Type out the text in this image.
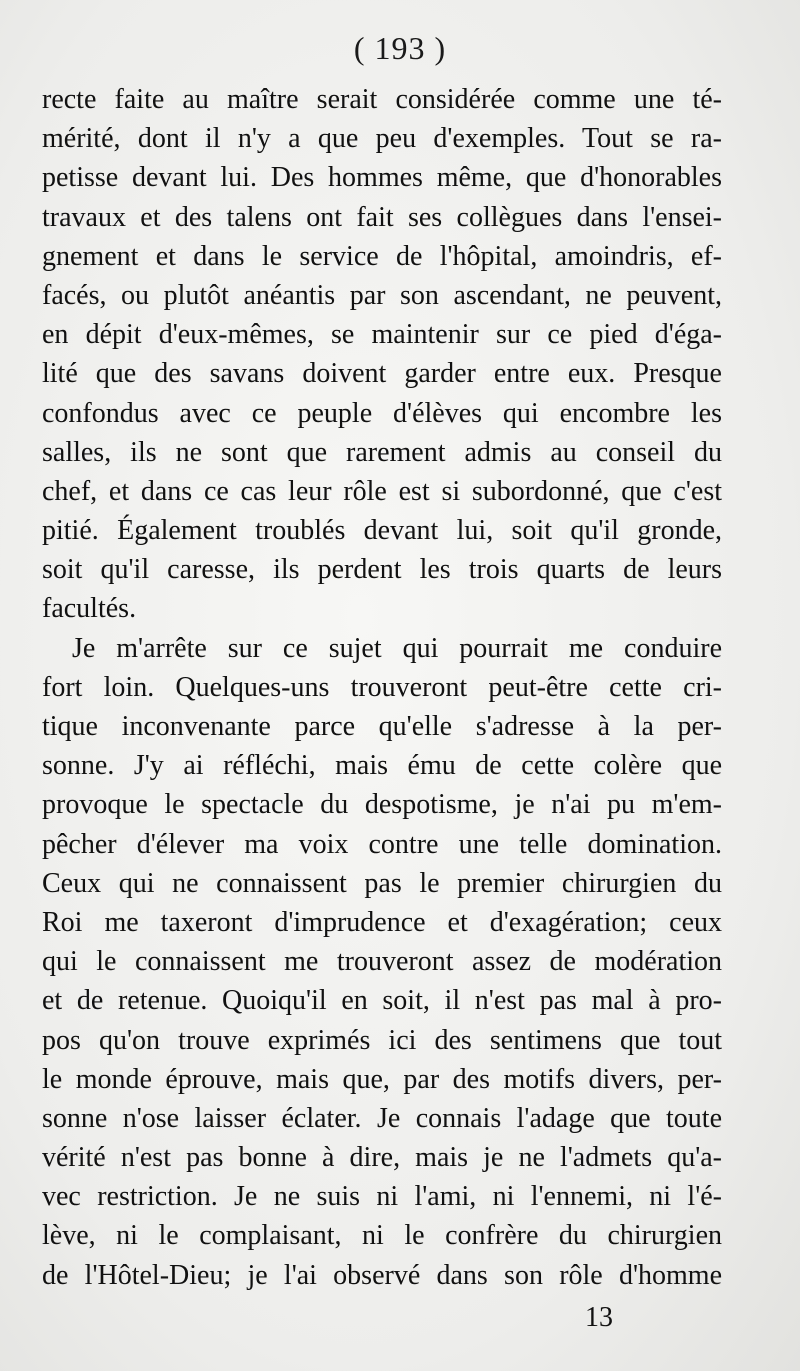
( 193 )
recte faite au maître serait considérée comme une té-
mérité, dont il n'y a que peu d'exemples. Tout se ra-
petisse devant lui. Des hommes même, que d'honorables
travaux et des talens ont fait ses collègues dans l'ensei-
gnement et dans le service de l'hôpital, amoindris, ef-
facés, ou plutôt anéantis par son ascendant, ne peuvent,
en dépit d'eux-mêmes, se maintenir sur ce pied d'éga-
lité que des savans doivent garder entre eux. Presque
confondus avec ce peuple d'élèves qui encombre les
salles, ils ne sont que rarement admis au conseil du
chef, et dans ce cas leur rôle est si subordonné, que c'est
pitié. Également troublés devant lui, soit qu'il gronde,
soit qu'il caresse, ils perdent les trois quarts de leurs
facultés.
Je m'arrête sur ce sujet qui pourrait me conduire
fort loin. Quelques-uns trouveront peut-être cette cri-
tique inconvenante parce qu'elle s'adresse à la per-
sonne. J'y ai réfléchi, mais ému de cette colère que
provoque le spectacle du despotisme, je n'ai pu m'em-
pêcher d'élever ma voix contre une telle domination.
Ceux qui ne connaissent pas le premier chirurgien du
Roi me taxeront d'imprudence et d'exagération; ceux
qui le connaissent me trouveront assez de modération
et de retenue. Quoiqu'il en soit, il n'est pas mal à pro-
pos qu'on trouve exprimés ici des sentimens que tout
le monde éprouve, mais que, par des motifs divers, per-
sonne n'ose laisser éclater. Je connais l'adage que toute
vérité n'est pas bonne à dire, mais je ne l'admets qu'a-
vec restriction. Je ne suis ni l'ami, ni l'ennemi, ni l'é-
lève, ni le complaisant, ni le confrère du chirurgien
de l'Hôtel-Dieu; je l'ai observé dans son rôle d'homme
13
